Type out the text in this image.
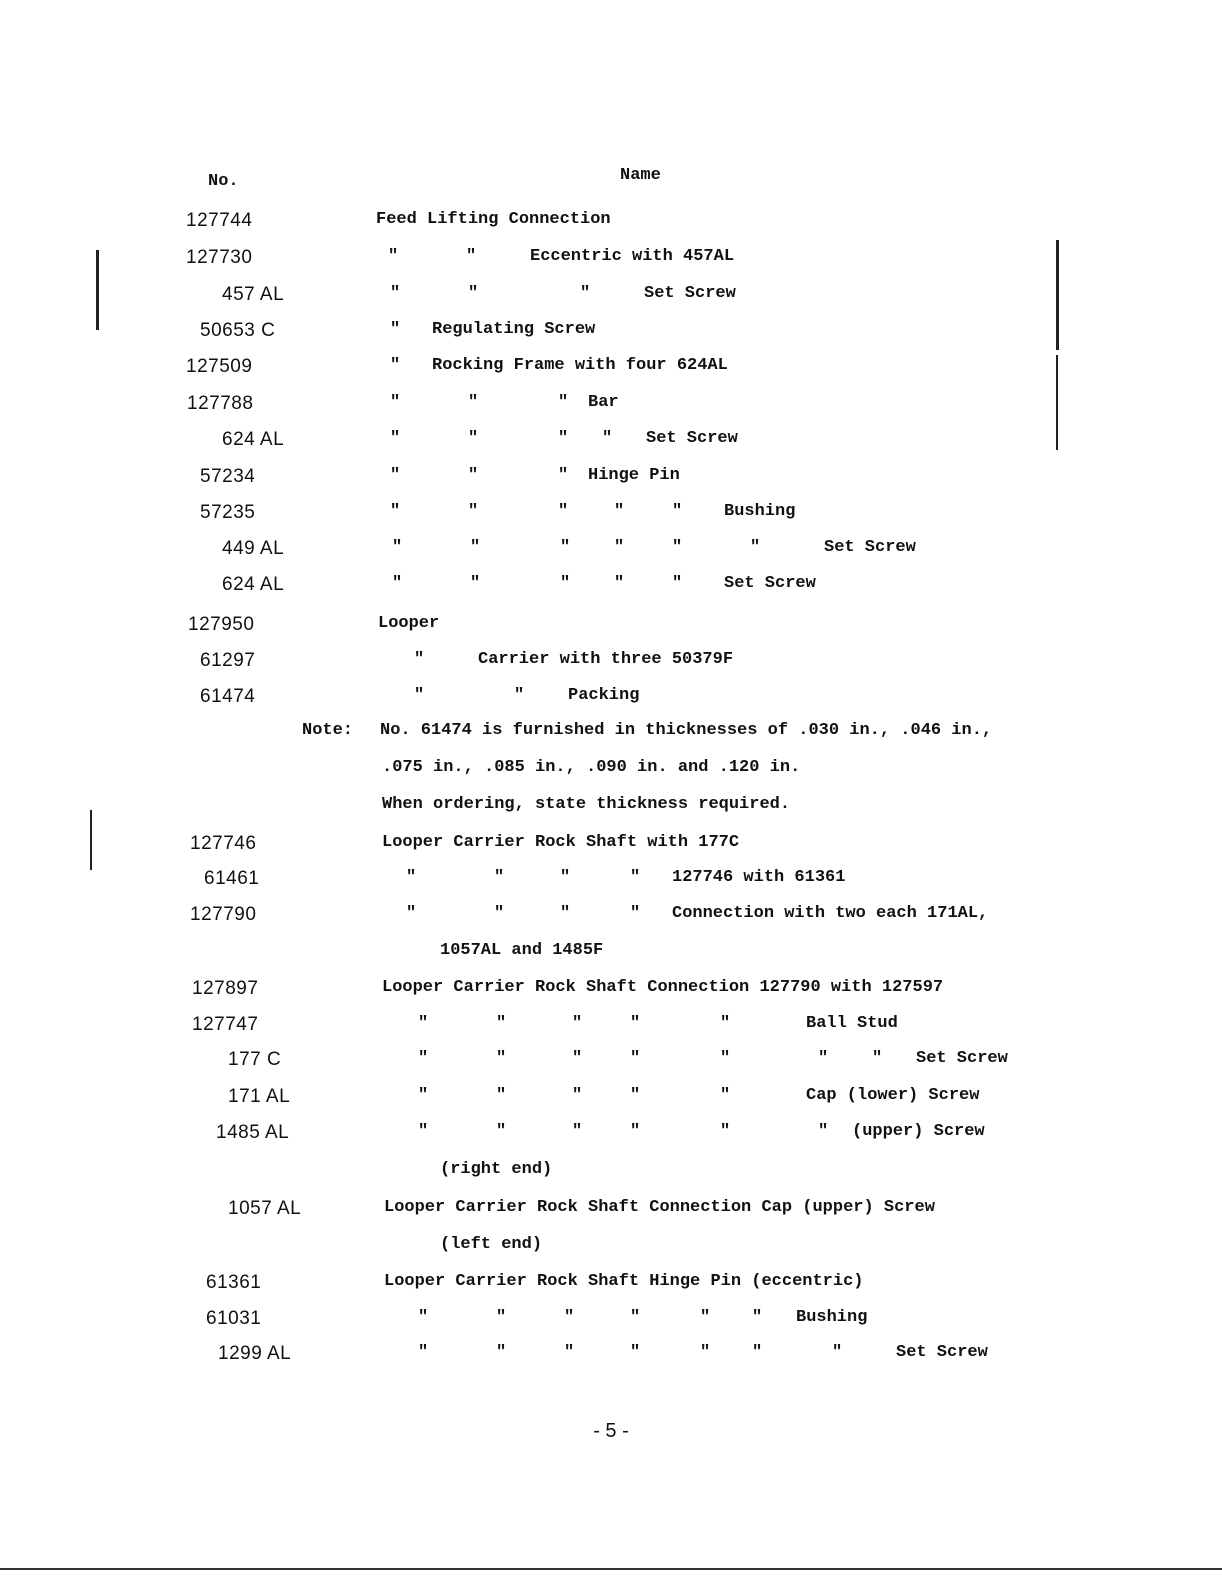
No.	Name
127744	Feed Lifting Connection
127730	"	"	Eccentric with 457AL
457 AL	"	"	"	Set Screw
50653 C	" Regulating Screw
127509	" Rocking Frame with four 624AL
127788	"	"	" Bar
624 AL	"	"	" " Set Screw
57234	"	"	" Hinge Pin
57235	"	"	"	"	" Bushing
449 AL	"	"	"	"	"	"	Set Screw
624 AL	"	"	"	"	" Set Screw
127950	Looper
61297	"	Carrier with three 50379F
61474	"	"	Packing
Note: No. 61474 is furnished in thicknesses of .030 in., .046 in.,
.075 in., .085 in., .090 in. and .120 in.
When ordering, state thickness required.
127746	Looper Carrier Rock Shaft with 177C
61461	"	"	"	" 127746 with 61361
127790	"	"	"	" Connection with two each 171AL,
1057AL and 1485F
127897	Looper Carrier Rock Shaft Connection 127790 with 127597
127747	"	"	"	"	"	Ball Stud
177 C	"	"	"	"	"	"	" Set Screw
171 AL	"	"	"	"	"	Cap (lower) Screw
1485 AL	"	"	"	"	"	" (upper) Screw
(right end)
1057 AL	Looper Carrier Rock Shaft Connection Cap (upper) Screw
(left end)
61361	Looper Carrier Rock Shaft Hinge Pin (eccentric)
61031	"	"	"	"	" " Bushing
1299 AL	"	"	"	"	" "	"	Set Screw
- 5 -
